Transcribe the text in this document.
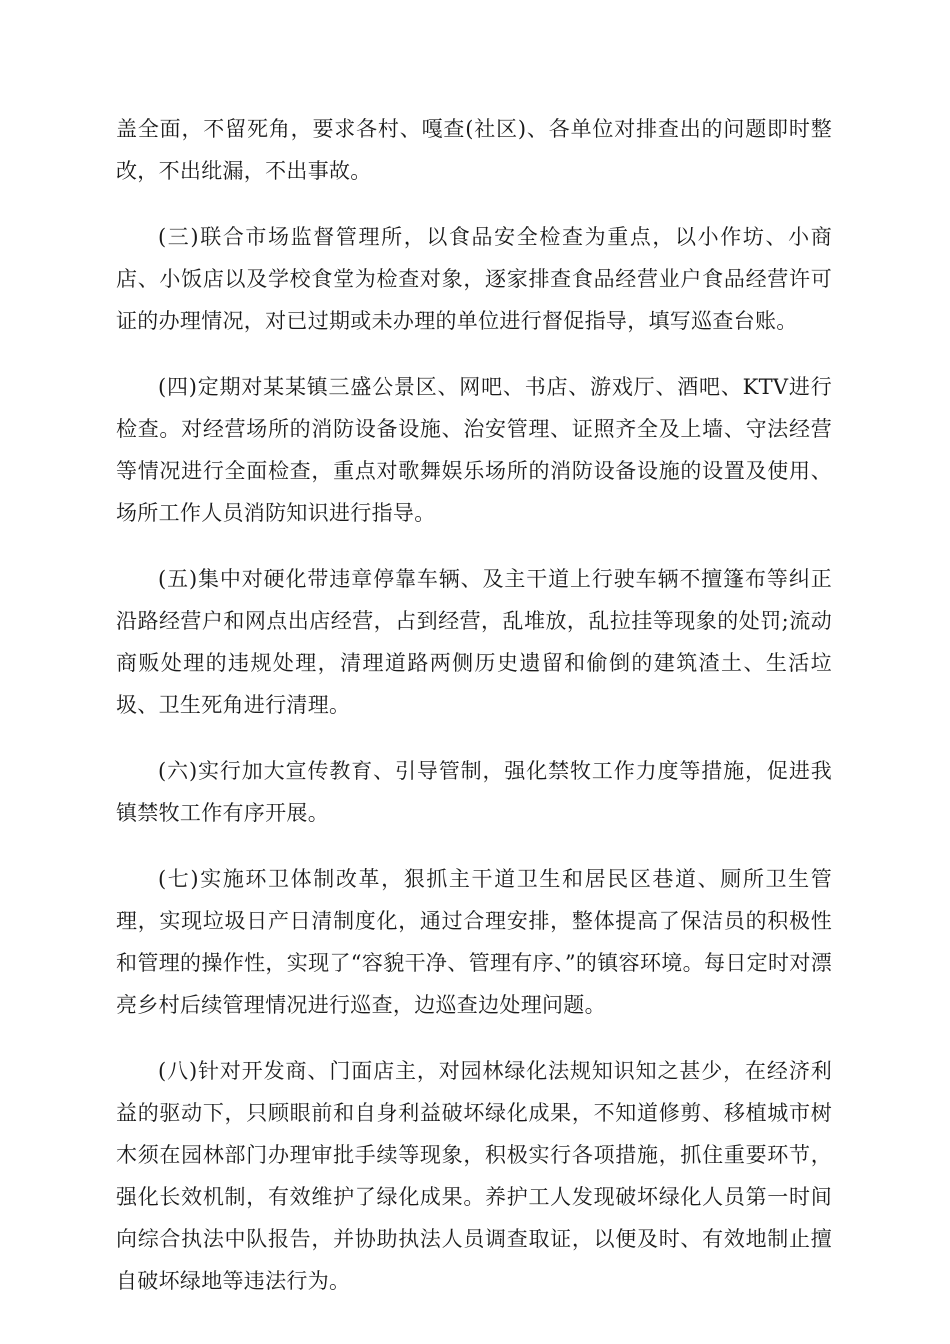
盖全面，不留死角，要求各村、嘎查(社区)、各单位对排查出的问题即时整改，不出纰漏，不出事故。

(三)联合市场监督管理所，以食品安全检查为重点，以小作坊、小商店、小饭店以及学校食堂为检查对象，逐家排查食品经营业户食品经营许可证的办理情况，对已过期或未办理的单位进行督促指导，填写巡查台账。

(四)定期对某某镇三盛公景区、网吧、书店、游戏厅、酒吧、KTV进行检查。对经营场所的消防设备设施、治安管理、证照齐全及上墙、守法经营等情况进行全面检查，重点对歌舞娱乐场所的消防设备设施的设置及使用、场所工作人员消防知识进行指导。

(五)集中对硬化带违章停靠车辆、及主干道上行驶车辆不擅篷布等纠正沿路经营户和网点出店经营，占到经营，乱堆放，乱拉挂等现象的处罚;流动商贩处理的违规处理，清理道路两侧历史遗留和偷倒的建筑渣土、生活垃圾、卫生死角进行清理。

(六)实行加大宣传教育、引导管制，强化禁牧工作力度等措施，促进我镇禁牧工作有序开展。

(七)实施环卫体制改革，狠抓主干道卫生和居民区巷道、厕所卫生管理，实现垃圾日产日清制度化，通过合理安排，整体提高了保洁员的积极性和管理的操作性，实现了“容貌干净、管理有序、”的镇容环境。每日定时对漂亮乡村后续管理情况进行巡查，边巡查边处理问题。

(八)针对开发商、门面店主，对园林绿化法规知识知之甚少，在经济利益的驱动下，只顾眼前和自身利益破坏绿化成果，不知道修剪、移植城市树木须在园林部门办理审批手续等现象，积极实行各项措施，抓住重要环节，强化长效机制，有效维护了绿化成果。养护工人发现破坏绿化人员第一时间向综合执法中队报告，并协助执法人员调查取证，以便及时、有效地制止擅自破坏绿地等违法行为。
